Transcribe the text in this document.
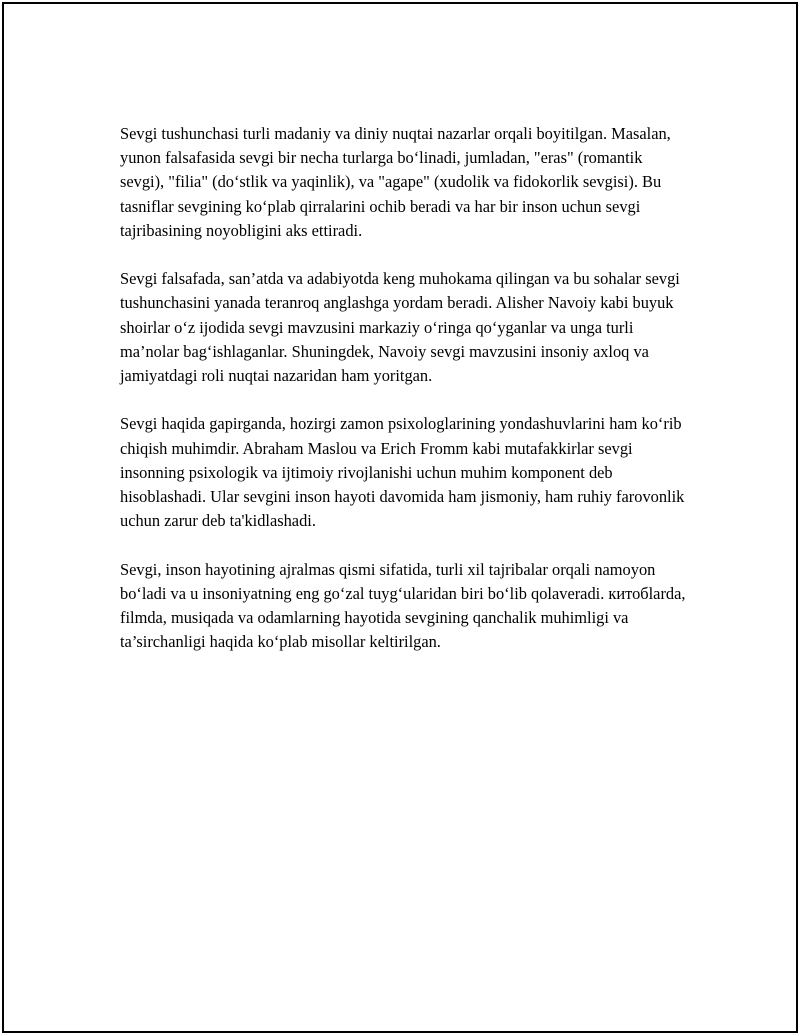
Sevgi tushunchasi turli madaniy va diniy nuqtai nazarlar orqali boyitilgan. Masalan, yunon falsafasida sevgi bir necha turlarga bo‘linadi, jumladan, "eras" (romantik sevgi), "filia" (do‘stlik va yaqinlik), va "agape" (xudolik va fidokorlik sevgisi). Bu tasniflar sevgining ko‘plab qirralarini ochib beradi va har bir inson uchun sevgi tajribasining noyobligini aks ettiradi.

Sevgi falsafada, san’atda va adabiyotda keng muhokama qilingan va bu sohalar sevgi tushunchasini yanada teranroq anglashga yordam beradi. Alisher Navoiy kabi buyuk shoirlar o‘z ijodida sevgi mavzusini markaziy o‘ringa qo‘yganlar va unga turli ma’nolar bag‘ishlaganlar. Shuningdek, Navoiy sevgi mavzusini insoniy axloq va jamiyatdagi roli nuqtai nazaridan ham yoritgan.

Sevgi haqida gapirganda, hozirgi zamon psixologlarining yondashuvlarini ham ko‘rib chiqish muhimdir. Abraham Maslou va Erich Fromm kabi mutafakkirlar sevgi insonning psixologik va ijtimoiy rivojlanishi uchun muhim komponent deb hisoblashadi. Ular sevgini inson hayoti davomida ham jismoniy, ham ruhiy farovonlik uchun zarur deb ta'kidlashadi.

Sevgi, inson hayotining ajralmas qismi sifatida, turli xil tajribalar orqali namoyon bo‘ladi va u insoniyatning eng go‘zal tuyg‘ularidan biri bo‘lib qolaveradi. китобlarda, filmda, musiqada va odamlarning hayotida sevgining qanchalik muhimligi va ta’sirchanligi haqida ko‘plab misollar keltirilgan.
